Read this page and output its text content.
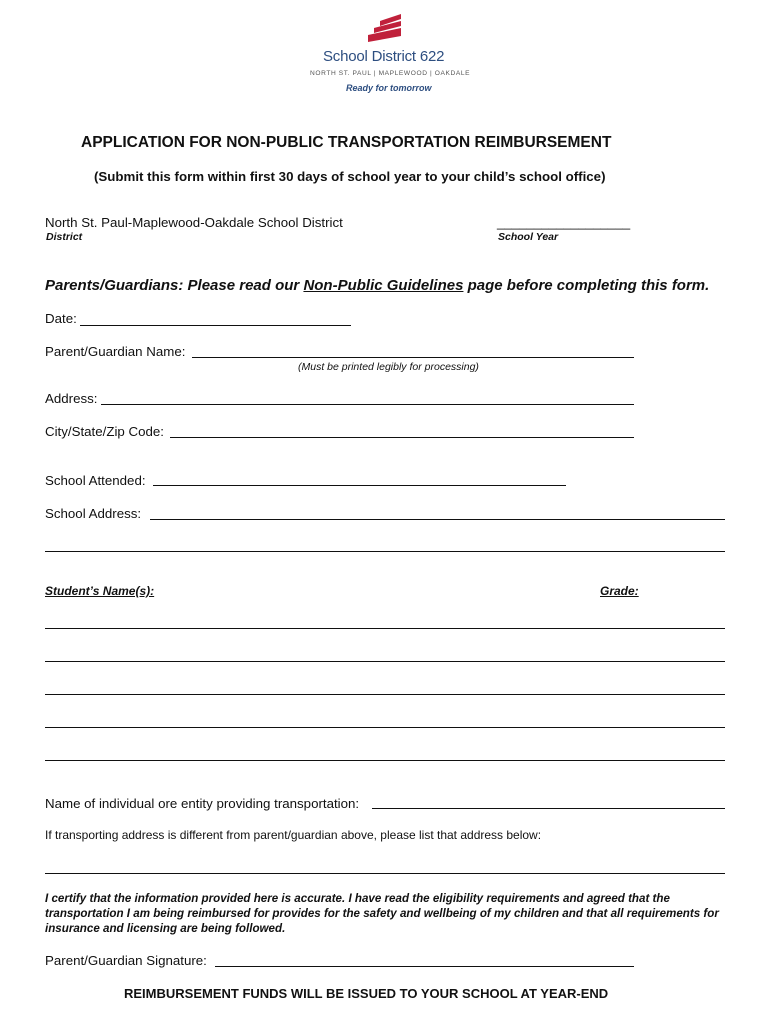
School District 622
NORTH ST. PAUL | MAPLEWOOD | OAKDALE
Ready for tomorrow
APPLICATION FOR NON-PUBLIC TRANSPORTATION REIMBURSEMENT
(Submit this form within first 30 days of school year to your child’s school office)
North St. Paul-Maplewood-Oakdale School District
District
__________________
School Year
Parents/Guardians: Please read our Non-Public Guidelines page before completing this form.
Date:
Parent/Guardian Name:
(Must be printed legibly for processing)
Address:
City/State/Zip Code:
School Attended:
School Address:
Student’s Name(s):	Grade:
Name of individual ore entity providing transportation:
If transporting address is different from parent/guardian above, please list that address below:
I certify that the information provided here is accurate. I have read the eligibility requirements and agreed that the transportation I am being reimbursed for provides for the safety and wellbeing of my children and that all requirements for insurance and licensing are being followed.
Parent/Guardian Signature:
REIMBURSEMENT FUNDS WILL BE ISSUED TO YOUR SCHOOL AT YEAR-END
